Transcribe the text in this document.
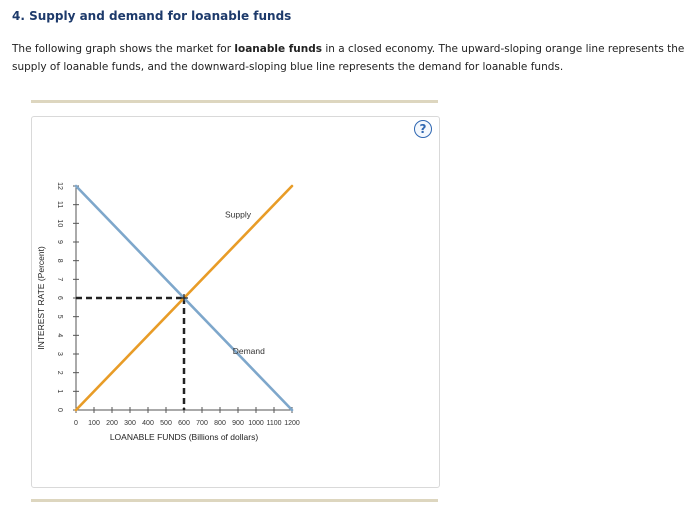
4. Supply and demand for loanable funds

The following graph shows the market for loanable funds in a closed economy. The upward-sloping orange line represents the supply of loanable funds, and the downward-sloping blue line represents the demand for loanable funds.

?
0 100 200 300 400 500 600 700 800 900 1000 1100 1200
0
1
2
3
4
5
6
7
8
9
10
11
12
LOANABLE FUNDS (Billions of dollars)
INTEREST RATE (Percent)
Supply
Demand
